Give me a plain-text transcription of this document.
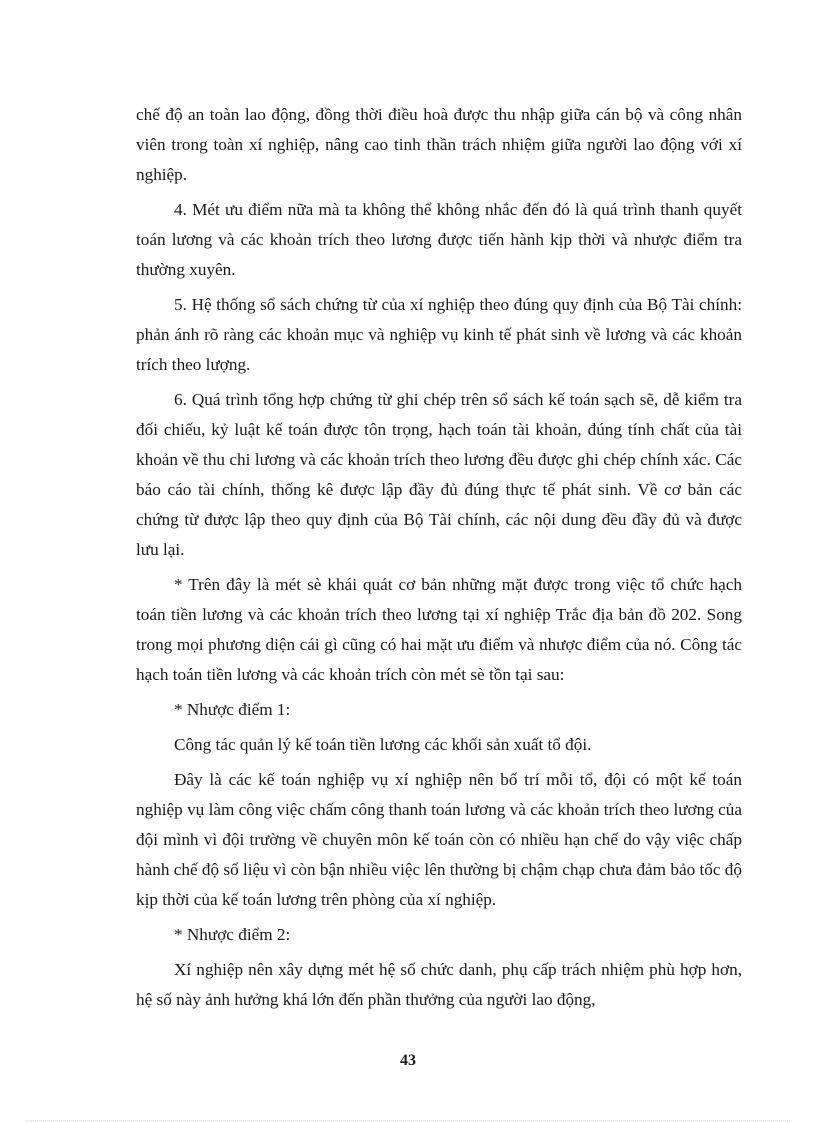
chế độ an toàn lao động, đồng thời điều hoà được thu nhập giữa cán bộ và công nhân viên trong toàn xí nghiệp, nâng cao tinh thần trách nhiệm giữa người lao động với xí nghiệp.

4. Mét ưu điểm nữa mà ta không thể không nhắc đến đó là quá trình thanh quyết toán lương và các khoản trích theo lương được tiến hành kịp thời và nhược điểm tra thường xuyên.

5. Hệ thống sổ sách chứng từ của xí nghiệp theo đúng quy định của Bộ Tài chính: phản ánh rõ ràng các khoản mục và nghiệp vụ kinh tế phát sinh về lương và các khoản trích theo lượng.

6. Quá trình tổng hợp chứng từ ghi chép trên sổ sách kế toán sạch sẽ, dễ kiểm tra đối chiếu, kỷ luật kế toán được tôn trọng, hạch toán tài khoản, đúng tính chất của tài khoản về thu chi lương và các khoản trích theo lương đều được ghi chép chính xác. Các báo cáo tài chính, thống kê được lập đầy đủ đúng thực tế phát sinh. Về cơ bản các chứng từ được lập theo quy định của Bộ Tài chính, các nội dung đều đầy đủ và được lưu lại.

* Trên đây là mét sè khái quát cơ bản những mặt được trong việc tổ chức hạch toán tiền lương và các khoản trích theo lương tại xí nghiệp Trắc địa bản đồ 202. Song trong mọi phương diện cái gì cũng có hai mặt ưu điểm và nhược điểm của nó. Công tác hạch toán tiền lương và các khoản trích còn mét sè tồn tại sau:

* Nhược điểm 1:

Công tác quản lý kế toán tiền lương các khối sản xuất tổ đội.

Đây là các kế toán nghiệp vụ xí nghiệp nên bố trí mỗi tổ, đội có một kế toán nghiệp vụ làm công việc chấm công thanh toán lương và các khoản trích theo lương của đội mình vì đội trường về chuyên môn kế toán còn có nhiều hạn chế do vậy việc chấp hành chế độ số liệu vì còn bận nhiều việc lên thường bị chậm chạp chưa đảm bảo tốc độ kịp thời của kế toán lương trên phòng của xí nghiệp.

* Nhược điểm 2:

Xí nghiệp nên xây dựng mét hệ số chức danh, phụ cấp trách nhiệm phù hợp hơn, hệ số này ảnh hưởng khá lớn đến phần thưởng của người lao động,

43
